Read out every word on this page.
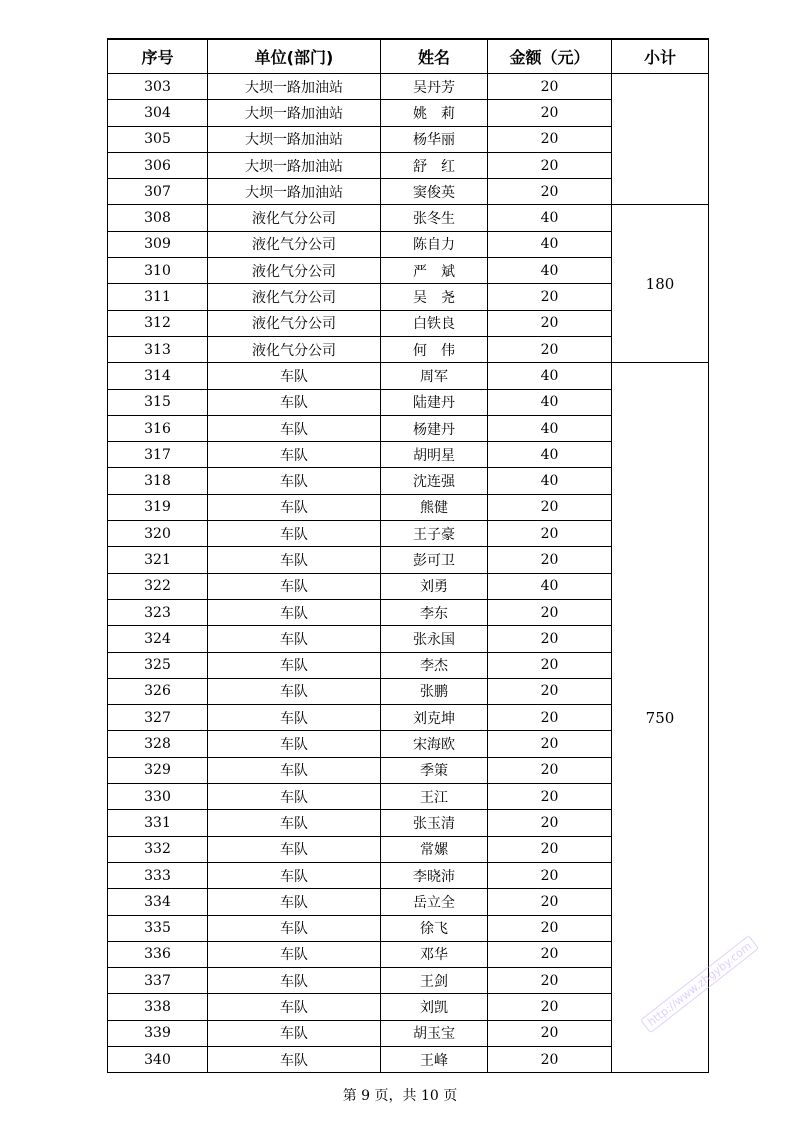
序号	单位(部门)	姓名	金额（元）	小计
303	大坝一路加油站	吴丹芳	20	
304	大坝一路加油站	姚　莉	20	
305	大坝一路加油站	杨华丽	20	
306	大坝一路加油站	舒　红	20	
307	大坝一路加油站	窦俊英	20	
308	液化气分公司	张冬生	40	180
309	液化气分公司	陈自力	40	
310	液化气分公司	严　斌	40	
311	液化气分公司	吴　尧	20	
312	液化气分公司	白铁良	20	
313	液化气分公司	何　伟	20	
314	车队	周军	40	750
315	车队	陆建丹	40	
316	车队	杨建丹	40	
317	车队	胡明星	40	
318	车队	沈连强	40	
319	车队	熊健	20	
320	车队	王子豪	20	
321	车队	彭可卫	20	
322	车队	刘勇	40	
323	车队	李东	20	
324	车队	张永国	20	
325	车队	李杰	20	
326	车队	张鹏	20	
327	车队	刘克坤	20	
328	车队	宋海欧	20	
329	车队	季策	20	
330	车队	王江	20	
331	车队	张玉清	20	
332	车队	常嫘	20	
333	车队	李晓沛	20	
334	车队	岳立全	20	
335	车队	徐飞	20	
336	车队	邓华	20	
337	车队	王剑	20	
338	车队	刘凯	20	
339	车队	胡玉宝	20	
340	车队	王峰	20	
第 9 页，共 10 页
http://www.zhgyby.com
